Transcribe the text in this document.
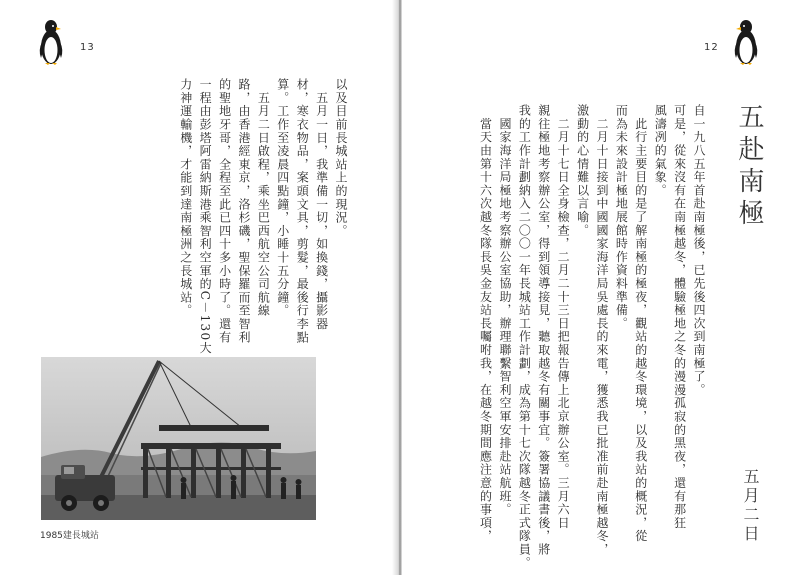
13
以及目前長城站上的現況。
　五月一日，我準備一切，如換錢，攝影器
材，寒衣物品，案頭文具，剪髮，最後行李點
算。工作至凌晨四點鐘，小睡十五分鐘。
　五月二日啟程，乘坐巴西航空公司航線
路，由香港經東京，洛杉磯，聖保羅而至智利
的聖地牙哥，全程至此已四十多小時了。還有
一程由彭塔阿雷納斯港乘智利空軍的C－130大
力神運輸機，才能到達南極洲之長城站。
1985建長城站
12
五赴南極
五月二日
自一九八五年首赴南極後，已先後四次到南極了。
可是，從來沒有在南極越冬，體驗極地之冬的漫漫孤寂的黑夜，還有那狂
風濤冽的氣象。
　此行主要目的是了解南極的極夜，觀站的越冬環境，以及我站的概況，從
而為未來設計極地展館時作資料準備。
　二月十日接到中國國家海洋局吳處長的來電，獲悉我已批准前赴南極越冬，
激動的心情難以言喻。
　二月十七日全身檢查，二月二十三日把報告傳上北京辦公室。三月六日
親往極地考察辦公室，得到領導接見，聽取越冬有關事宜。簽署協議書後，將
我的工作計劃納入二〇〇一年長城站工作計劃，成為第十七次隊越冬正式隊員。
　國家海洋局極地考察辦公室協助，辦理聯繫智利空軍安排赴站航班。
　當天由第十六次越冬隊長吳金友站長囑咐我，在越冬期間應注意的事項，
